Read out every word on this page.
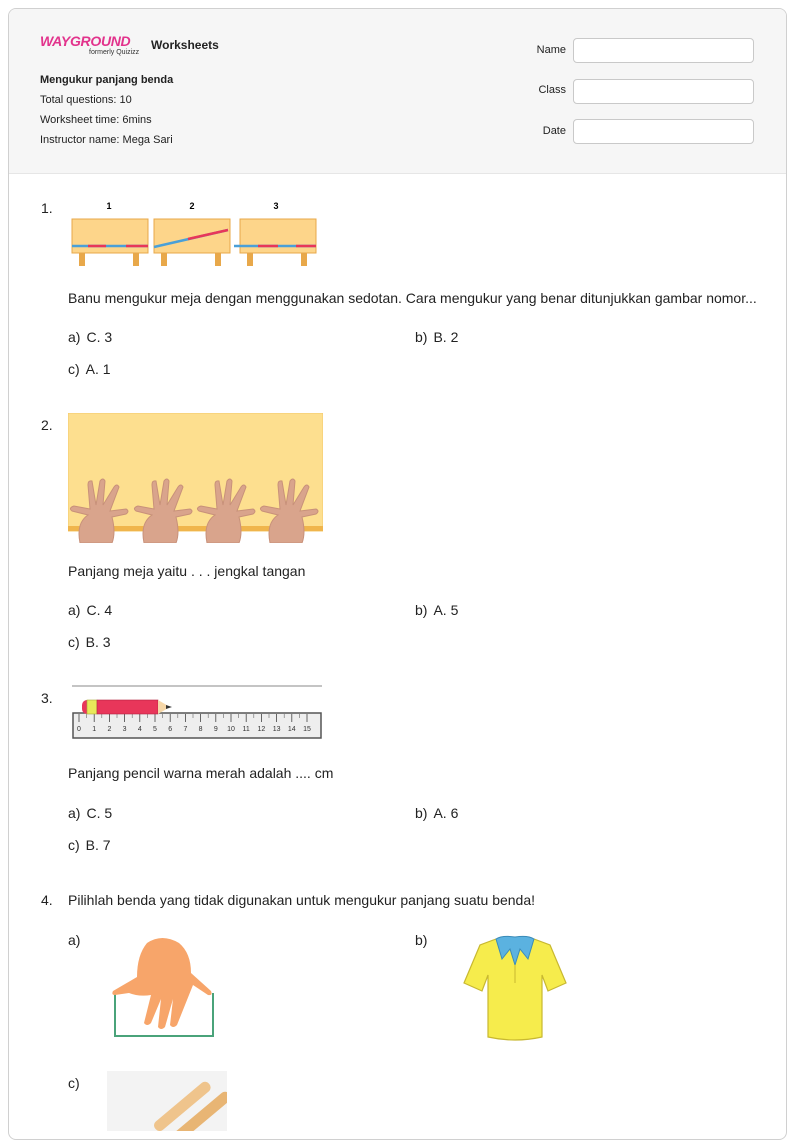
WAYGROUND
formerly Quizizz
Worksheets
Mengukur panjang benda
Total questions: 10
Worksheet time: 6mins
Instructor name: Mega Sari
Name
Class
Date
1.	1	2	3
Banu mengukur meja dengan menggunakan sedotan. Cara mengukur yang benar ditunjukkan gambar nomor...
a) C. 3	b) B. 2
c) A. 1
2.
Panjang meja yaitu . . . jengkal tangan
a) C. 4	b) A. 5
c) B. 3
3.
0 1 2 3 4 5 6 7 8 9 10 11 12 13 14 15
Panjang pencil warna merah adalah .... cm
a) C. 5	b) A. 6
c) B. 7
4. Pilihlah benda yang tidak digunakan untuk mengukur panjang suatu benda!
a)	b)
c)
